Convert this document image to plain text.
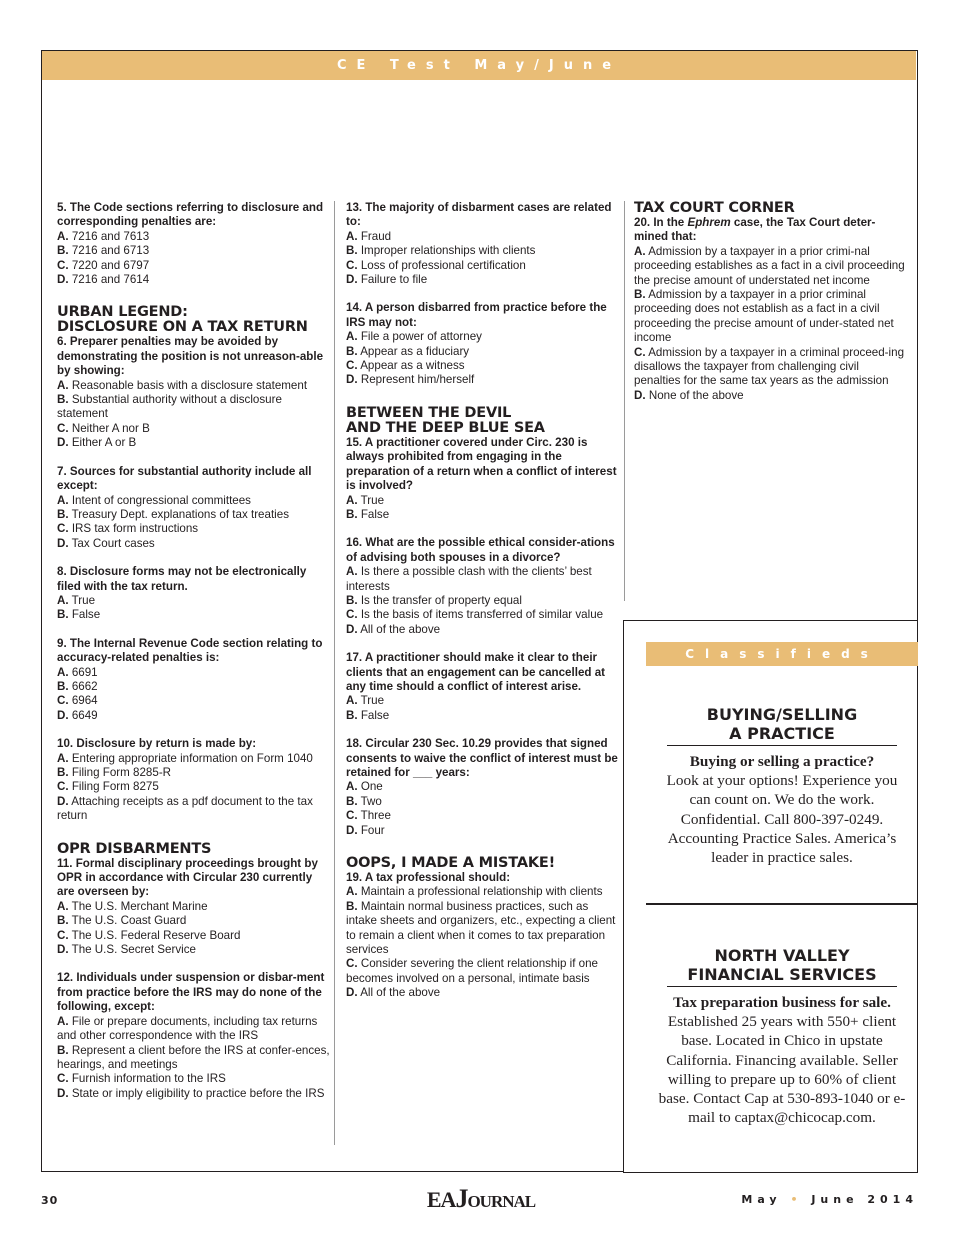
CE Test May/June
5. The Code sections referring to disclosure and corresponding penalties are:
A. 7216 and 7613
B. 7216 and 6713
C. 7220 and 6797
D. 7216 and 7614
URBAN LEGEND:
DISCLOSURE ON A TAX RETURN
6. Preparer penalties may be avoided by demonstrating the position is not unreason-able by showing:
A. Reasonable basis with a disclosure statement
B. Substantial authority without a disclosure statement
C. Neither A nor B
D. Either A or B
7. Sources for substantial authority include all except:
A. Intent of congressional committees
B. Treasury Dept. explanations of tax treaties
C. IRS tax form instructions
D. Tax Court cases
8. Disclosure forms may not be electronically filed with the tax return.
A. True
B. False
9. The Internal Revenue Code section relating to accuracy-related penalties is:
A. 6691
B. 6662
C. 6964
D. 6649
10. Disclosure by return is made by:
A. Entering appropriate information on Form 1040
B. Filing Form 8285-R
C. Filing Form 8275
D. Attaching receipts as a pdf document to the tax return
OPR DISBARMENTS
11. Formal disciplinary proceedings brought by OPR in accordance with Circular 230 currently are overseen by:
A. The U.S. Merchant Marine
B. The U.S. Coast Guard
C. The U.S. Federal Reserve Board
D. The U.S. Secret Service
12. Individuals under suspension or disbar-ment from practice before the IRS may do none of the following, except:
A. File or prepare documents, including tax returns and other correspondence with the IRS
B. Represent a client before the IRS at confer-ences, hearings, and meetings
C. Furnish information to the IRS
D. State or imply eligibility to practice before the IRS
13. The majority of disbarment cases are related to:
A. Fraud
B. Improper relationships with clients
C. Loss of professional certification
D. Failure to file
14. A person disbarred from practice before the IRS may not:
A. File a power of attorney
B. Appear as a fiduciary
C. Appear as a witness
D. Represent him/herself
BETWEEN THE DEVIL
AND THE DEEP BLUE SEA
15. A practitioner covered under Circ. 230 is always prohibited from engaging in the preparation of a return when a conflict of interest is involved?
A. True
B. False
16. What are the possible ethical consider-ations of advising both spouses in a divorce?
A. Is there a possible clash with the clients’ best interests
B. Is the transfer of property equal
C. Is the basis of items transferred of similar value
D. All of the above
17. A practitioner should make it clear to their clients that an engagement can be cancelled at any time should a conflict of interest arise.
A. True
B. False
18. Circular 230 Sec. 10.29 provides that signed consents to waive the conflict of interest must be retained for ___ years:
A. One
B. Two
C. Three
D. Four
OOPS, I MADE A MISTAKE!
19. A tax professional should:
A. Maintain a professional relationship with clients
B. Maintain normal business practices, such as intake sheets and organizers, etc., expecting a client to remain a client when it comes to tax preparation services
C. Consider severing the client relationship if one becomes involved on a personal, intimate basis
D. All of the above
TAX COURT CORNER
20. In the Ephrem case, the Tax Court deter-mined that:
A. Admission by a taxpayer in a prior crimi-nal proceeding establishes as a fact in a civil proceeding the precise amount of understated net income
B. Admission by a taxpayer in a prior criminal proceeding does not establish as a fact in a civil proceeding the precise amount of under-stated net income
C. Admission by a taxpayer in a criminal proceed-ing disallows the taxpayer from challenging civil penalties for the same tax years as the admission
D. None of the above
Classifieds
BUYING/SELLING
A PRACTICE
Buying or selling a practice?
Look at your options! Experience you can count on. We do the work. Confidential. Call 800-397-0249. Accounting Practice Sales. America’s leader in practice sales.
NORTH VALLEY
FINANCIAL SERVICES
Tax preparation business for sale.
Established 25 years with 550+ client base. Located in Chico in upstate California. Financing available. Seller willing to prepare up to 60% of client base. Contact Cap at 530-893-1040 or e-mail to captax@chicocap.com.
30	EAJOURNAL	May • June 2014
